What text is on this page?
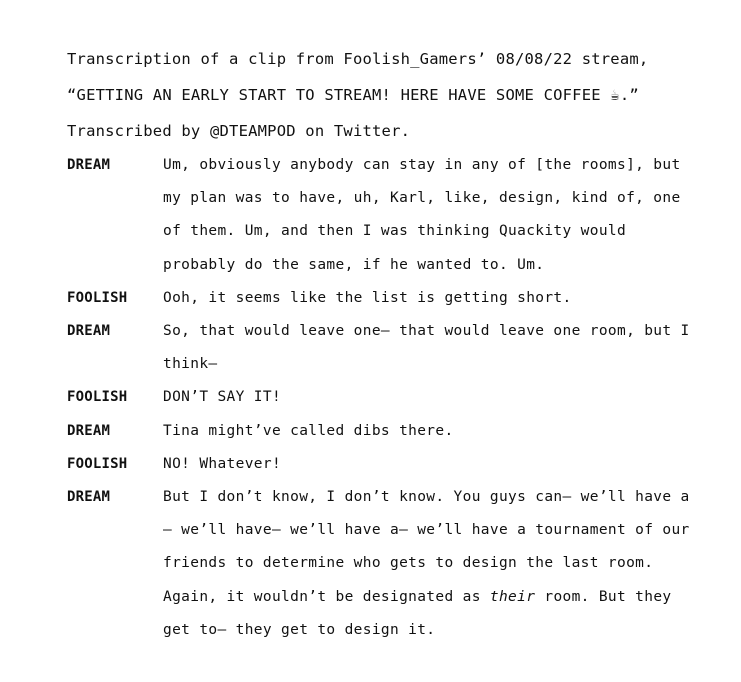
Transcription of a clip from Foolish_Gamers’ 08/08/22 stream,
“GETTING AN EARLY START TO STREAM! HERE HAVE SOME COFFEE ☕.”
Transcribed by @DTEAMPOD on Twitter.
DREAM	Um, obviously anybody can stay in any of [the rooms], but my plan was to have, uh, Karl, like, design, kind of, one of them. Um, and then I was thinking Quackity would probably do the same, if he wanted to. Um.
FOOLISH	Ooh, it seems like the list is getting short.
DREAM	So, that would leave one— that would leave one room, but I think—
FOOLISH	DON’T SAY IT!
DREAM	Tina might’ve called dibs there.
FOOLISH	NO! Whatever!
DREAM	But I don’t know, I don’t know. You guys can— we’ll have a— we’ll have— we’ll have a— we’ll have a tournament of our friends to determine who gets to design the last room. Again, it wouldn’t be designated as their room. But they get to— they get to design it.
